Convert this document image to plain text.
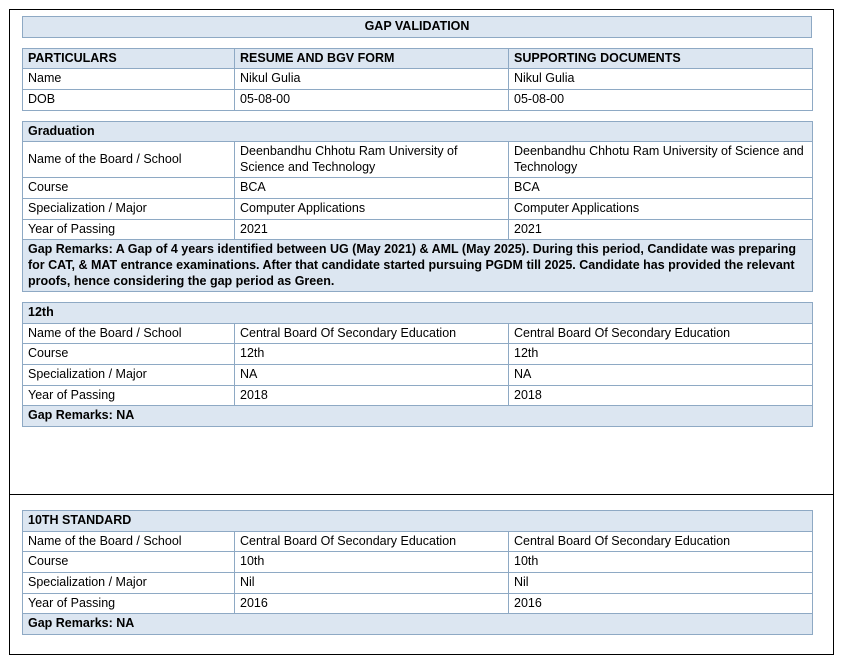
GAP VALIDATION
PARTICULARS	RESUME AND BGV FORM	SUPPORTING DOCUMENTS
Name	Nikul Gulia	Nikul Gulia
DOB	05-08-00	05-08-00
Graduation		
Name of the Board / School	Deenbandhu Chhotu Ram University of Science and Technology	Deenbandhu Chhotu Ram University of Science and Technology
Course	BCA	BCA
Specialization / Major	Computer Applications	Computer Applications
Year of Passing	2021	2021
Gap Remarks: A Gap of 4 years identified between UG (May 2021) & AML (May 2025). During this period, Candidate was preparing for CAT, & MAT entrance examinations. After that candidate started pursuing PGDM till 2025. Candidate has provided the relevant proofs, hence considering the gap period as Green.		
12th		
Name of the Board / School	Central Board Of Secondary Education	Central Board Of Secondary Education
Course	12th	12th
Specialization / Major	NA	NA
Year of Passing	2018	2018
Gap Remarks: NA		
10TH STANDARD		
Name of the Board / School	Central Board Of Secondary Education	Central Board Of Secondary Education
Course	10th	10th
Specialization / Major	Nil	Nil
Year of Passing	2016	2016
Gap Remarks: NA		
